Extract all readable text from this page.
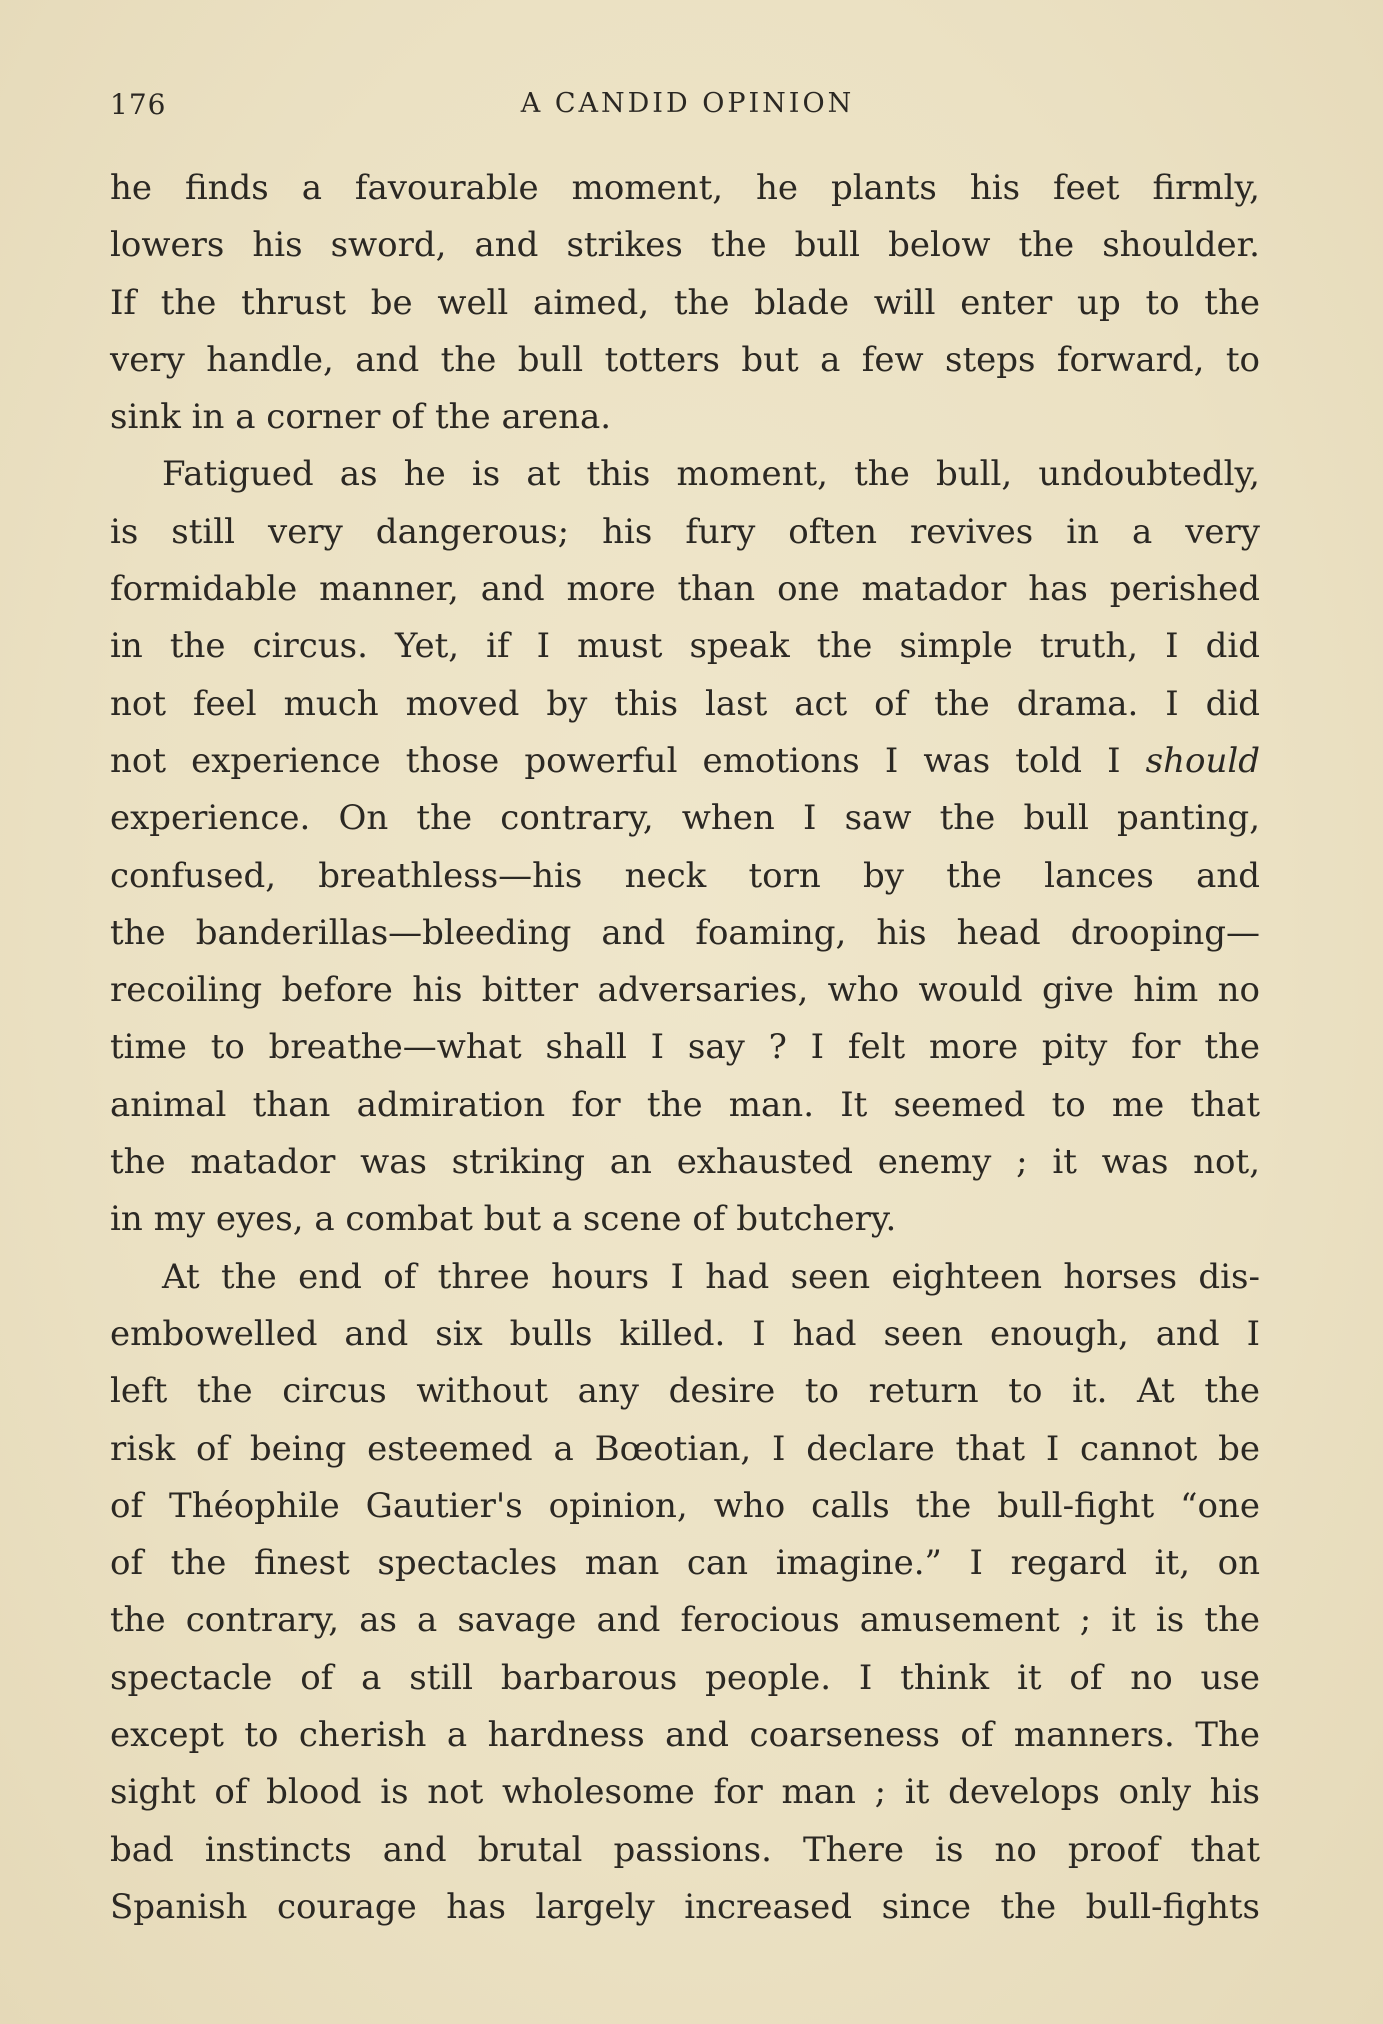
176	A CANDID OPINION
he finds a favourable moment, he plants his feet firmly,
lowers his sword, and strikes the bull below the shoulder.
If the thrust be well aimed, the blade will enter up to the
very handle, and the bull totters but a few steps forward, to
sink in a corner of the arena.
Fatigued as he is at this moment, the bull, undoubtedly,
is still very dangerous; his fury often revives in a very
formidable manner, and more than one matador has perished
in the circus. Yet, if I must speak the simple truth, I did
not feel much moved by this last act of the drama. I did
not experience those powerful emotions I was told I should
experience. On the contrary, when I saw the bull panting,
confused, breathless—his neck torn by the lances and
the banderillas—bleeding and foaming, his head drooping—
recoiling before his bitter adversaries, who would give him no
time to breathe—what shall I say ? I felt more pity for the
animal than admiration for the man. It seemed to me that
the matador was striking an exhausted enemy ; it was not,
in my eyes, a combat but a scene of butchery.
At the end of three hours I had seen eighteen horses dis-
embowelled and six bulls killed. I had seen enough, and I
left the circus without any desire to return to it. At the
risk of being esteemed a Bœotian, I declare that I cannot be
of Théophile Gautier's opinion, who calls the bull-fight “one
of the finest spectacles man can imagine.” I regard it, on
the contrary, as a savage and ferocious amusement ; it is the
spectacle of a still barbarous people. I think it of no use
except to cherish a hardness and coarseness of manners. The
sight of blood is not wholesome for man ; it develops only his
bad instincts and brutal passions. There is no proof that
Spanish courage has largely increased since the bull-fights
